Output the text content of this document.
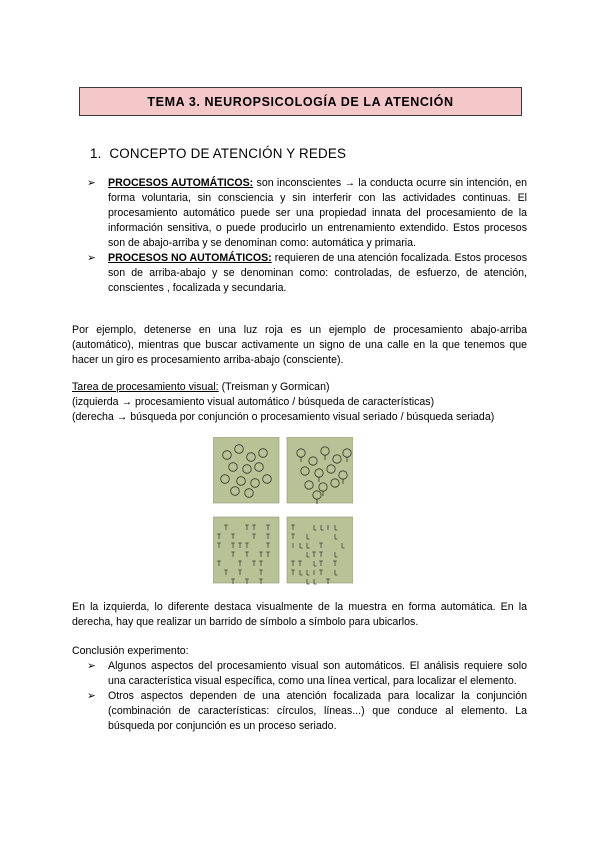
TEMA 3. NEUROPSICOLOGÍA DE LA ATENCIÓN
1. CONCEPTO DE ATENCIÓN Y REDES

➢ PROCESOS AUTOMÁTICOS: son inconscientes → la conducta ocurre sin intención, en forma voluntaria, sin consciencia y sin interferir con las actividades continuas. El procesamiento automático puede ser una propiedad innata del procesamiento de la información sensitiva, o puede producirlo un entrenamiento extendido. Estos procesos son de abajo-arriba y se denominan como: automática y primaria.

➢ PROCESOS NO AUTOMÁTICOS: requieren de una atención focalizada. Estos procesos son de arriba-abajo y se denominan como: controladas, de esfuerzo, de atención, conscientes , focalizada y secundaria.

Por ejemplo, detenerse en una luz roja es un ejemplo de procesamiento abajo-arriba (automático), mientras que buscar activamente un signo de una calle en la que tenemos que hacer un giro es procesamiento arriba-abajo (consciente).

Tarea de procesamiento visual: (Treisman y Gormican)
(izquierda → procesamiento visual automático / búsqueda de características)
(derecha → búsqueda por conjunción o procesamiento visual seriado / búsqueda seriada)

En la izquierda, lo diferente destaca visualmente de la muestra en forma automática. En la derecha, hay que realizar un barrido de símbolo a símbolo para ubicarlos.

Conclusión experimento:

➢ Algunos aspectos del procesamiento visual son automáticos. El análisis requiere solo una característica visual específica, como una línea vertical, para localizar el elemento.

➢ Otros aspectos dependen de una atención focalizada para localizar la conjunción (combinación de características: círculos, líneas...) que conduce al elemento. La búsqueda por conjunción es un proceso seriado.
